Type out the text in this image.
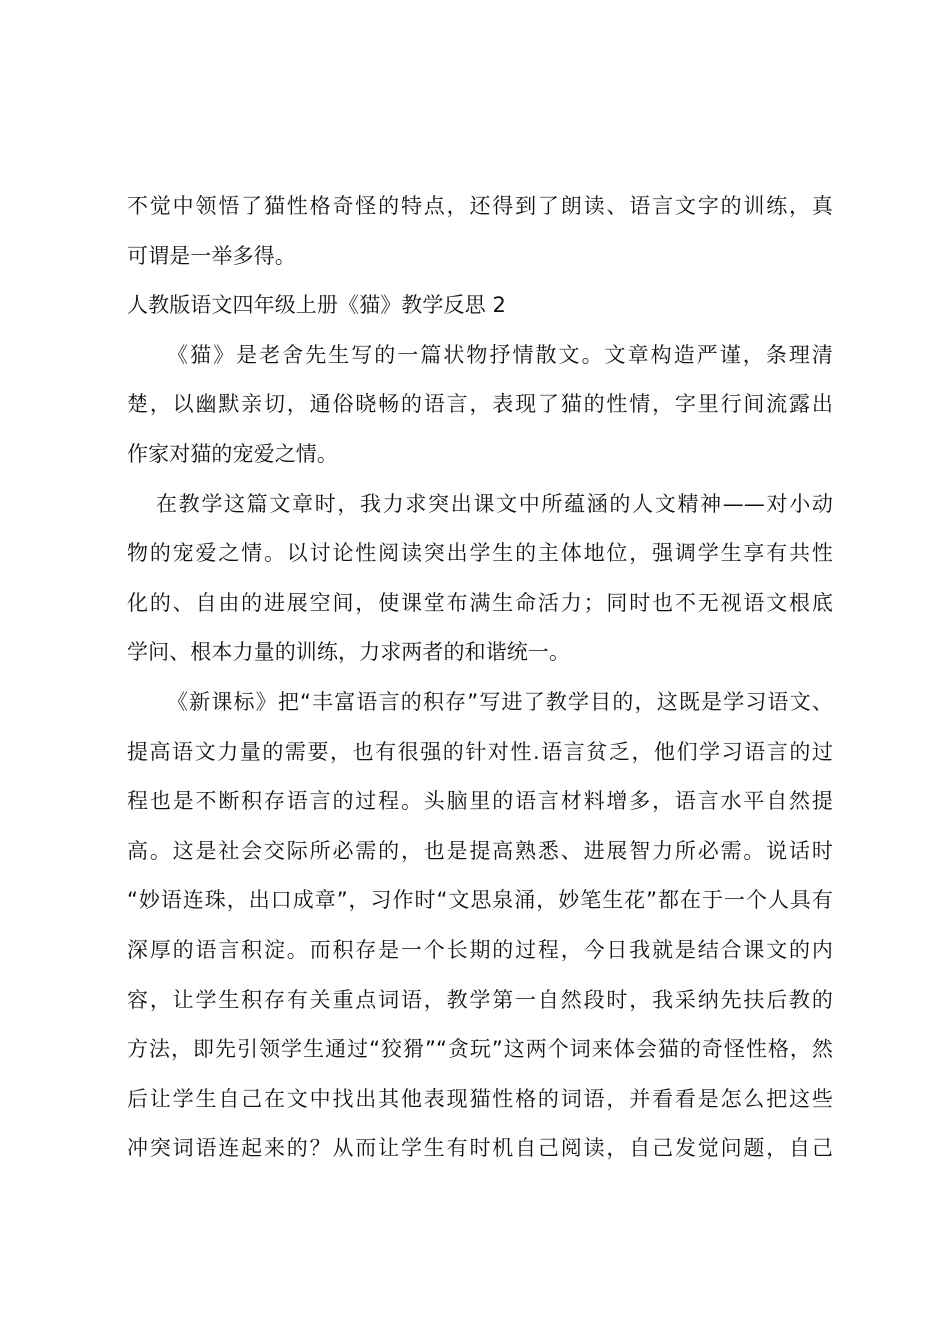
不觉中领悟了猫性格奇怪的特点，还得到了朗读、语言文字的训练，真
可谓是一举多得。
人教版语文四年级上册《猫》教学反思 2
《猫》是老舍先生写的一篇状物抒情散文。文章构造严谨，条理清
楚，以幽默亲切，通俗晓畅的语言，表现了猫的性情，字里行间流露出
作家对猫的宠爱之情。
在教学这篇文章时，我力求突出课文中所蕴涵的人文精神——对小动
物的宠爱之情。以讨论性阅读突出学生的主体地位，强调学生享有共性
化的、自由的进展空间，使课堂布满生命活力；同时也不无视语文根底
学问、根本力量的训练，力求两者的和谐统一。
《新课标》把“丰富语言的积存”写进了教学目的，这既是学习语文、
提高语文力量的需要，也有很强的针对性.语言贫乏，他们学习语言的过
程也是不断积存语言的过程。头脑里的语言材料增多，语言水平自然提
高。这是社会交际所必需的，也是提高熟悉、进展智力所必需。说话时
“妙语连珠，出口成章”，习作时“文思泉涌，妙笔生花”都在于一个人具有
深厚的语言积淀。而积存是一个长期的过程，今日我就是结合课文的内
容，让学生积存有关重点词语，教学第一自然段时，我采纳先扶后教的
方法，即先引领学生通过“狡猾”“贪玩”这两个词来体会猫的奇怪性格，然
后让学生自己在文中找出其他表现猫性格的词语，并看看是怎么把这些
冲突词语连起来的？从而让学生有时机自己阅读，自己发觉问题，自己
